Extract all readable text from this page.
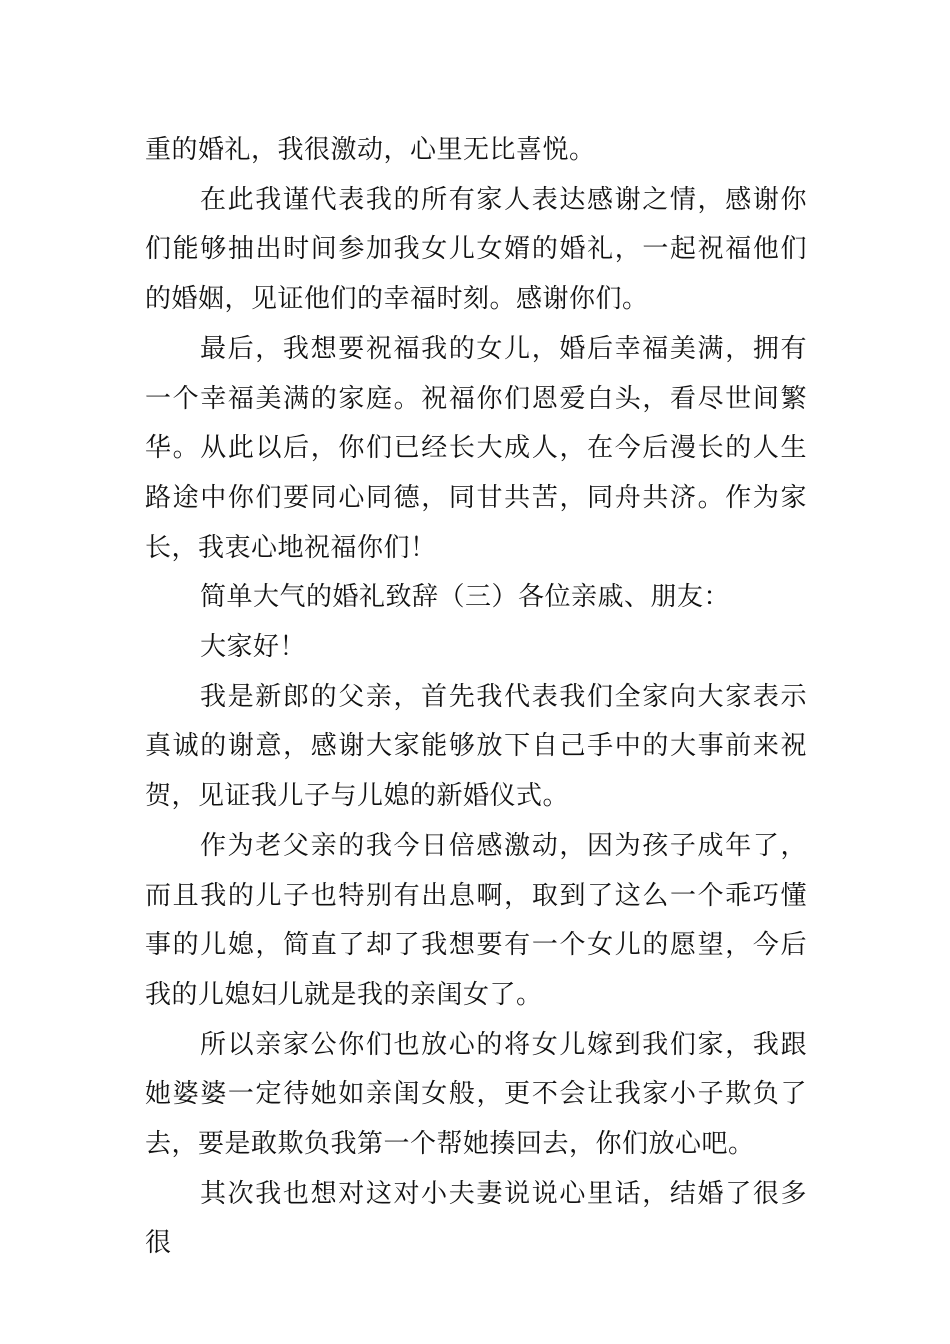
重的婚礼，我很激动，心里无比喜悦。

在此我谨代表我的所有家人表达感谢之情，感谢你们能够抽出时间参加我女儿女婿的婚礼，一起祝福他们的婚姻，见证他们的幸福时刻。感谢你们。

最后，我想要祝福我的女儿，婚后幸福美满，拥有一个幸福美满的家庭。祝福你们恩爱白头，看尽世间繁华。从此以后，你们已经长大成人，在今后漫长的人生路途中你们要同心同德，同甘共苦，同舟共济。作为家长，我衷心地祝福你们！

简单大气的婚礼致辞（三）各位亲戚、朋友：

大家好！

我是新郎的父亲，首先我代表我们全家向大家表示真诚的谢意，感谢大家能够放下自己手中的大事前来祝贺，见证我儿子与儿媳的新婚仪式。

作为老父亲的我今日倍感激动，因为孩子成年了，而且我的儿子也特别有出息啊，取到了这么一个乖巧懂事的儿媳，简直了却了我想要有一个女儿的愿望，今后我的儿媳妇儿就是我的亲闺女了。

所以亲家公你们也放心的将女儿嫁到我们家，我跟她婆婆一定待她如亲闺女般，更不会让我家小子欺负了去，要是敢欺负我第一个帮她揍回去，你们放心吧。

其次我也想对这对小夫妻说说心里话，结婚了很多很
